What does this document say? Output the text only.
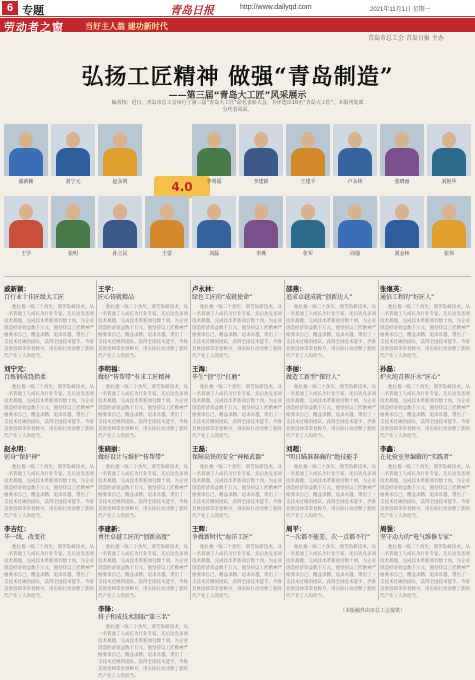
6 专题	青岛日报	http://www.dailyqd.com	2021年11月1日 星期一
劳动者之窗	当好主人翁 建功新时代
青岛市总工会 青岛日报 主办
弘扬工匠精神 做强“青岛制造”
——第三届“青岛大工匠”风采展示
编者按：近日，青岛市总工会举行了第三届“青岛大工匠”命名表彰大会，共评选出10名“青岛大工匠”，本版刊发部分代表风采。
4.0
戚新颖	刘宁元	赵永明	李明福	李建新	王建平	卢永林	张晓丽	刘艳华
王学	张明	孙立民	王雷	刘磊	李燕	张军	周强	刘金林	张伟
戚新颖：
百行业十佳匠级大工匠

他扎根一线二十余年，刻苦钻研技术，从一名普通工人成长为行业专家，先后攻克多项技术难题，完成技术革新项目数十项，为企业创造经济效益数千万元。他坚持以工匠精神严格要求自己，精益求精、追求卓越，带出了一支技术过硬的团队，获得全国技术能手、齐鲁首席技师等荣誉称号，用实际行动诠释了新时代产业工人的担当。

刘宁元：
百炼钢成绕指柔

他扎根一线二十余年，刻苦钻研技术，从一名普通工人成长为行业专家，先后攻克多项技术难题，完成技术革新项目数十项，为企业创造经济效益数千万元。他坚持以工匠精神严格要求自己，精益求精、追求卓越，带出了一支技术过硬的团队，获得全国技术能手、齐鲁首席技师等荣誉称号，用实际行动诠释了新时代产业工人的担当。

赵永明：
躬身“保护神”

他扎根一线二十余年，刻苦钻研技术，从一名普通工人成长为行业专家，先后攻克多项技术难题，完成技术革新项目数十项，为企业创造经济效益数千万元。他坚持以工匠精神严格要求自己，精益求精、追求卓越，带出了一支技术过硬的团队，获得全国技术能手、齐鲁首席技师等荣誉称号，用实际行动诠释了新时代产业工人的担当。

李吉红：
毕一线，改变社

他扎根一线二十余年，刻苦钻研技术，从一名普通工人成长为行业专家，先后攻克多项技术难题，完成技术革新项目数十项，为企业创造经济效益数千万元。他坚持以工匠精神严格要求自己，精益求精、追求卓越，带出了一支技术过硬的团队，获得全国技术能手、齐鲁首席技师等荣誉称号，用实际行动诠释了新时代产业工人的担当。

王学：
匠心铸就精品

他扎根一线二十余年，刻苦钻研技术，从一名普通工人成长为行业专家，先后攻克多项技术难题，完成技术革新项目数十项，为企业创造经济效益数千万元。他坚持以工匠精神严格要求自己，精益求精、追求卓越，带出了一支技术过硬的团队，获得全国技术能手、齐鲁首席技师等荣誉称号，用实际行动诠释了新时代产业工人的担当。

李明福：
做好“传帮带”有求工匠精神

他扎根一线二十余年，刻苦钻研技术，从一名普通工人成长为行业专家，先后攻克多项技术难题，完成技术革新项目数十项，为企业创造经济效益数千万元。他坚持以工匠精神严格要求自己，精益求精、追求卓越，带出了一支技术过硬的团队，获得全国技术能手、齐鲁首席技师等荣誉称号，用实际行动诠释了新时代产业工人的担当。

张晓丽：
做好设计与维护“传帮带”

他扎根一线二十余年，刻苦钻研技术，从一名普通工人成长为行业专家，先后攻克多项技术难题，完成技术革新项目数十项，为企业创造经济效益数千万元。他坚持以工匠精神严格要求自己，精益求精、追求卓越，带出了一支技术过硬的团队，获得全国技术能手、齐鲁首席技师等荣誉称号，用实际行动诠释了新时代产业工人的担当。

李建新：
勇往卓越工匠的“创新高度”

他扎根一线二十余年，刻苦钻研技术，从一名普通工人成长为行业专家，先后攻克多项技术难题，完成技术革新项目数十项，为企业创造经济效益数千万元。他坚持以工匠精神严格要求自己，精益求精、追求卓越，带出了一支技术过硬的团队，获得全国技术能手、齐鲁首席技师等荣誉称号，用实际行动诠释了新时代产业工人的担当。

李锋：
将子和成技术制取“第三名”

他扎根一线二十余年，刻苦钻研技术，从一名普通工人成长为行业专家，先后攻克多项技术难题，完成技术革新项目数十项，为企业创造经济效益数千万元。他坚持以工匠精神严格要求自己，精益求精、追求卓越，带出了一支技术过硬的团队，获得全国技术能手、齐鲁首席技师等荣誉称号，用实际行动诠释了新时代产业工人的担当。

卢永林：
绿色工匠的“成就使命”

他扎根一线二十余年，刻苦钻研技术，从一名普通工人成长为行业专家，先后攻克多项技术难题，完成技术革新项目数十项，为企业创造经济效益数千万元。他坚持以工匠精神严格要求自己，精益求精、追求卓越，带出了一支技术过硬的团队，获得全国技术能手、齐鲁首席技师等荣誉称号，用实际行动诠释了新时代产业工人的担当。

王海：
毕生“创”引“打磨”

他扎根一线二十余年，刻苦钻研技术，从一名普通工人成长为行业专家，先后攻克多项技术难题，完成技术革新项目数十项，为企业创造经济效益数千万元。他坚持以工匠精神严格要求自己，精益求精、追求卓越，带出了一支技术过硬的团队，获得全国技术能手、齐鲁首席技师等荣誉称号，用实际行动诠释了新时代产业工人的担当。

王磊：
保障高铁的安全“神秘武器”

他扎根一线二十余年，刻苦钻研技术，从一名普通工人成长为行业专家，先后攻克多项技术难题，完成技术革新项目数十项，为企业创造经济效益数千万元。他坚持以工匠精神严格要求自己，精益求精、追求卓越，带出了一支技术过硬的团队，获得全国技术能手、齐鲁首席技师等荣誉称号，用实际行动诠释了新时代产业工人的担当。

王辉：
争做新时代“海洋工匠”

他扎根一线二十余年，刻苦钻研技术，从一名普通工人成长为行业专家，先后攻克多项技术难题，完成技术革新项目数十项，为企业创造经济效益数千万元。他坚持以工匠精神严格要求自己，精益求精、追求卓越，带出了一支技术过硬的团队，获得全国技术能手、齐鲁首席技师等荣誉称号，用实际行动诠释了新时代产业工人的担当。

邵燕：
追求卓越成就“创新达人”

他扎根一线二十余年，刻苦钻研技术，从一名普通工人成长为行业专家，先后攻克多项技术难题，完成技术革新项目数十项，为企业创造经济效益数千万元。他坚持以工匠精神严格要求自己，精益求精、追求卓越，带出了一支技术过硬的团队，获得全国技术能手、齐鲁首席技师等荣誉称号，用实际行动诠释了新时代产业工人的担当。

李丽：
做造工新型“探针人”

他扎根一线二十余年，刻苦钻研技术，从一名普通工人成长为行业专家，先后攻克多项技术难题，完成技术革新项目数十项，为企业创造经济效益数千万元。他坚持以工匠精神严格要求自己，精益求精、追求卓越，带出了一支技术过硬的团队，获得全国技术能手、齐鲁首席技师等荣誉称号，用实际行动诠释了新时代产业工人的担当。

刘超：
“明日瞄准准确的”绝技能手

他扎根一线二十余年，刻苦钻研技术，从一名普通工人成长为行业专家，先后攻克多项技术难题，完成技术革新项目数十项，为企业创造经济效益数千万元。他坚持以工匠精神严格要求自己，精益求精、追求卓越，带出了一支技术过硬的团队，获得全国技术能手、齐鲁首席技师等荣誉称号，用实际行动诠释了新时代产业工人的担当。

周平：
“一次都不能差，次一点都不行”

他扎根一线二十余年，刻苦钻研技术，从一名普通工人成长为行业专家，先后攻克多项技术难题，完成技术革新项目数十项，为企业创造经济效益数千万元。他坚持以工匠精神严格要求自己，精益求精、追求卓越，带出了一支技术过硬的团队，获得全国技术能手、齐鲁首席技师等荣誉称号，用实际行动诠释了新时代产业工人的担当。

张继英：
通信工程的“好匠人”

他扎根一线二十余年，刻苦钻研技术，从一名普通工人成长为行业专家，先后攻克多项技术难题，完成技术革新项目数十项，为企业创造经济效益数千万元。他坚持以工匠精神严格要求自己，精益求精、追求卓越，带出了一支技术过硬的团队，获得全国技术能手、齐鲁首席技师等荣誉称号，用实际行动诠释了新时代产业工人的担当。

孙磊：
炉火纯青挥汗水“匠心”

他扎根一线二十余年，刻苦钻研技术，从一名普通工人成长为行业专家，先后攻克多项技术难题，完成技术革新项目数十项，为企业创造经济效益数千万元。他坚持以工匠精神严格要求自己，精益求精、追求卓越，带出了一支技术过硬的团队，获得全国技术能手、齐鲁首席技师等荣誉称号，用实际行动诠释了新时代产业工人的担当。

李鑫：
在化验室里编辑的“实践者”

他扎根一线二十余年，刻苦钻研技术，从一名普通工人成长为行业专家，先后攻克多项技术难题，完成技术革新项目数十项，为企业创造经济效益数千万元。他坚持以工匠精神严格要求自己，精益求精、追求卓越，带出了一支技术过硬的团队，获得全国技术能手、齐鲁首席技师等荣誉称号，用实际行动诠释了新时代产业工人的担当。

周强：
坚守动力的“电气维修专家”

他扎根一线二十余年，刻苦钻研技术，从一名普通工人成长为行业专家，先后攻克多项技术难题，完成技术革新项目数十项，为企业创造经济效益数千万元。他坚持以工匠精神严格要求自己，精益求精、追求卓越，带出了一支技术过硬的团队，获得全国技术能手、齐鲁首席技师等荣誉称号，用实际行动诠释了新时代产业工人的担当。

（本版稿件由市总工会提供）
